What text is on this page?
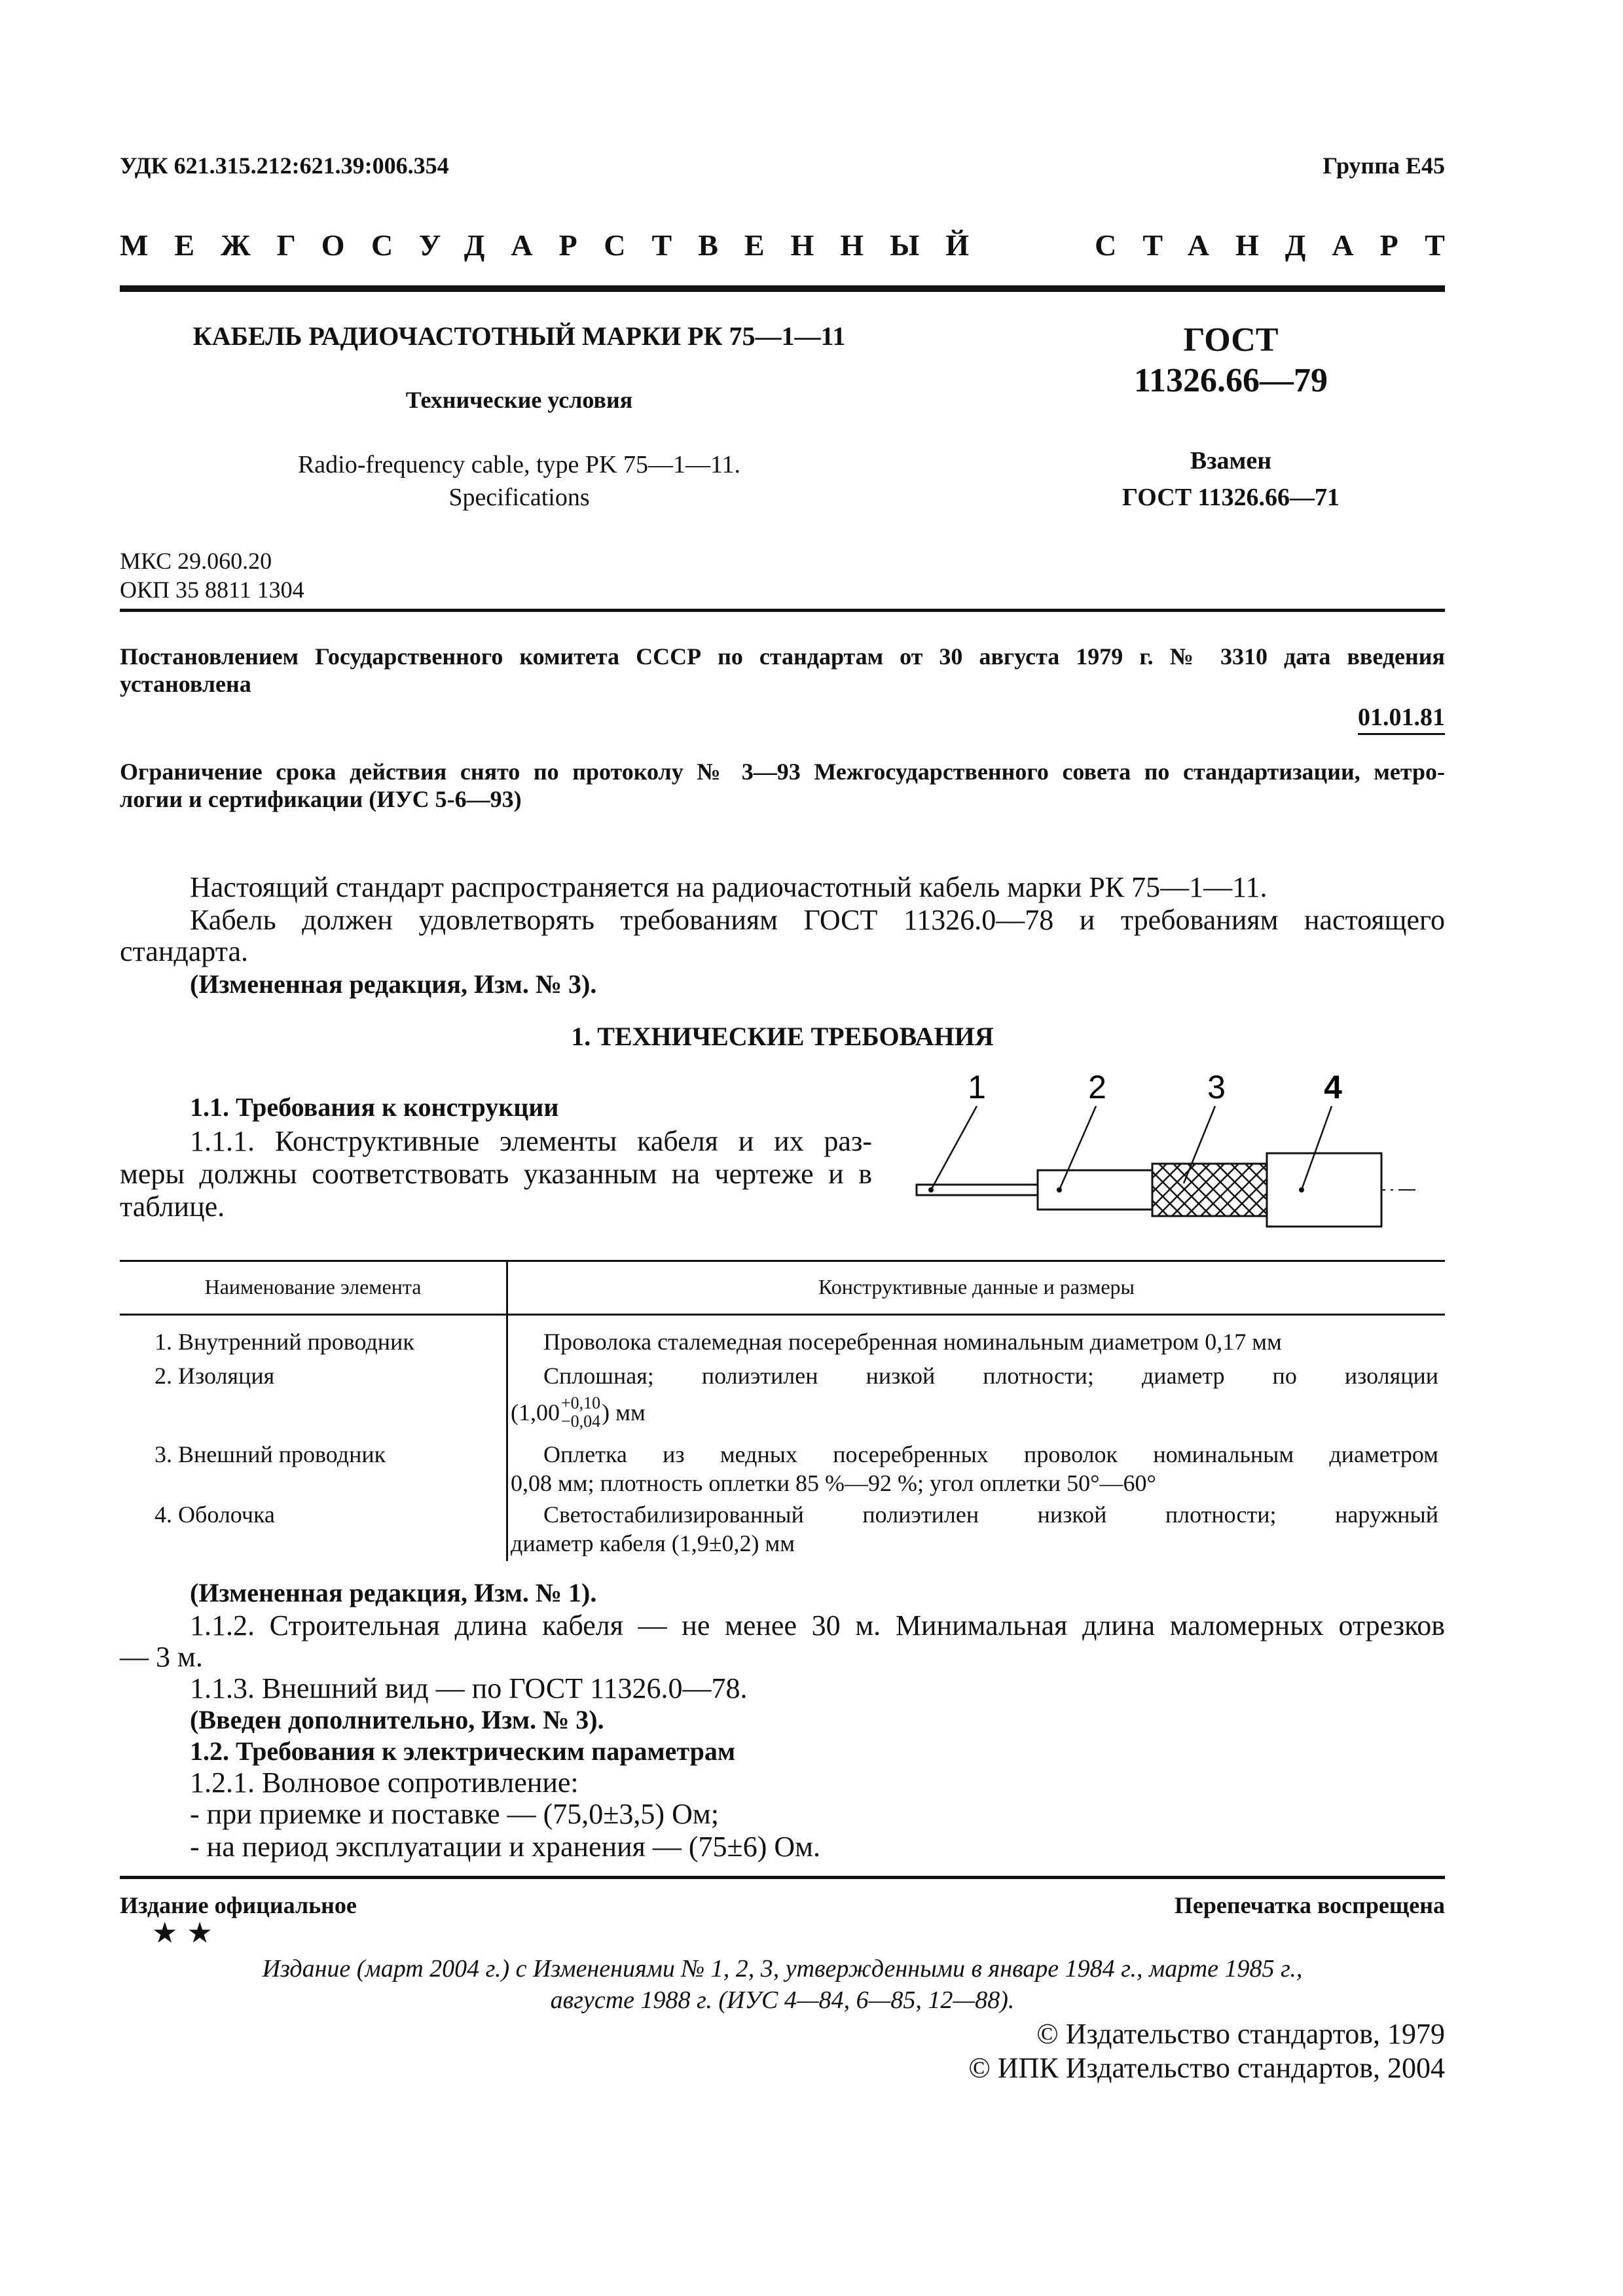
УДК 621.315.212:621.39:006.354	Группа Е45
МЕЖГОСУДАРСТВЕННЫЙ	СТАНДАРТ
КАБЕЛЬ РАДИОЧАСТОТНЫЙ МАРКИ РК 75—1—11
Технические условия
Radio-frequency cable, type PK 75—1—11.
Specifications
ГОСТ
11326.66—79
Взамен
ГОСТ 11326.66—71
МКС 29.060.20
ОКП 35 8811 1304
Постановлением Государственного комитета СССР по стандартам от 30 августа 1979 г. № 3310 дата введения
установлена
01.01.81
Ограничение срока действия снято по протоколу № 3—93 Межгосударственного совета по стандартизации, метро-
логии и сертификации (ИУС 5-6—93)
Настоящий стандарт распространяется на радиочастотный кабель марки РК 75—1—11.
Кабель должен удовлетворять требованиям ГОСТ 11326.0—78 и требованиям настоящего
стандарта.
(Измененная редакция, Изм. № 3).
1. ТЕХНИЧЕСКИЕ ТРЕБОВАНИЯ
1.1. Требования к конструкции
1.1.1. Конструктивные элементы кабеля и их раз-
меры должны соответствовать указанным на чертеже и в
таблице.
1	2	3	4
Наименование элемента	Конструктивные данные и размеры
1. Внутренний проводник	Проволока сталемедная посеребренная номинальным диаметром 0,17 мм
2. Изоляция	Сплошная; полиэтилен низкой плотности; диаметр по изоляции
(1,00 +0,10
−0,04 ) мм
3. Внешний проводник	Оплетка из медных посеребренных проволок номинальным диаметром
0,08 мм; плотность оплетки 85 %—92 %; угол оплетки 50°—60°
4. Оболочка	Светостабилизированный полиэтилен низкой плотности; наружный
диаметр кабеля (1,9±0,2) мм
(Измененная редакция, Изм. № 1).
1.1.2. Строительная длина кабеля — не менее 30 м. Минимальная длина маломерных отрезков
— 3 м.
1.1.3. Внешний вид — по ГОСТ 11326.0—78.
(Введен дополнительно, Изм. № 3).
1.2. Требования к электрическим параметрам
1.2.1. Волновое сопротивление:
- при приемке и поставке — (75,0±3,5) Ом;
- на период эксплуатации и хранения — (75±6) Ом.
Издание официальное	Перепечатка воспрещена
★ ★
Издание (март 2004 г.) с Изменениями № 1, 2, 3, утвержденными в январе 1984 г., марте 1985 г.,
августе 1988 г. (ИУС 4—84, 6—85, 12—88).
© Издательство стандартов, 1979
© ИПК Издательство стандартов, 2004
